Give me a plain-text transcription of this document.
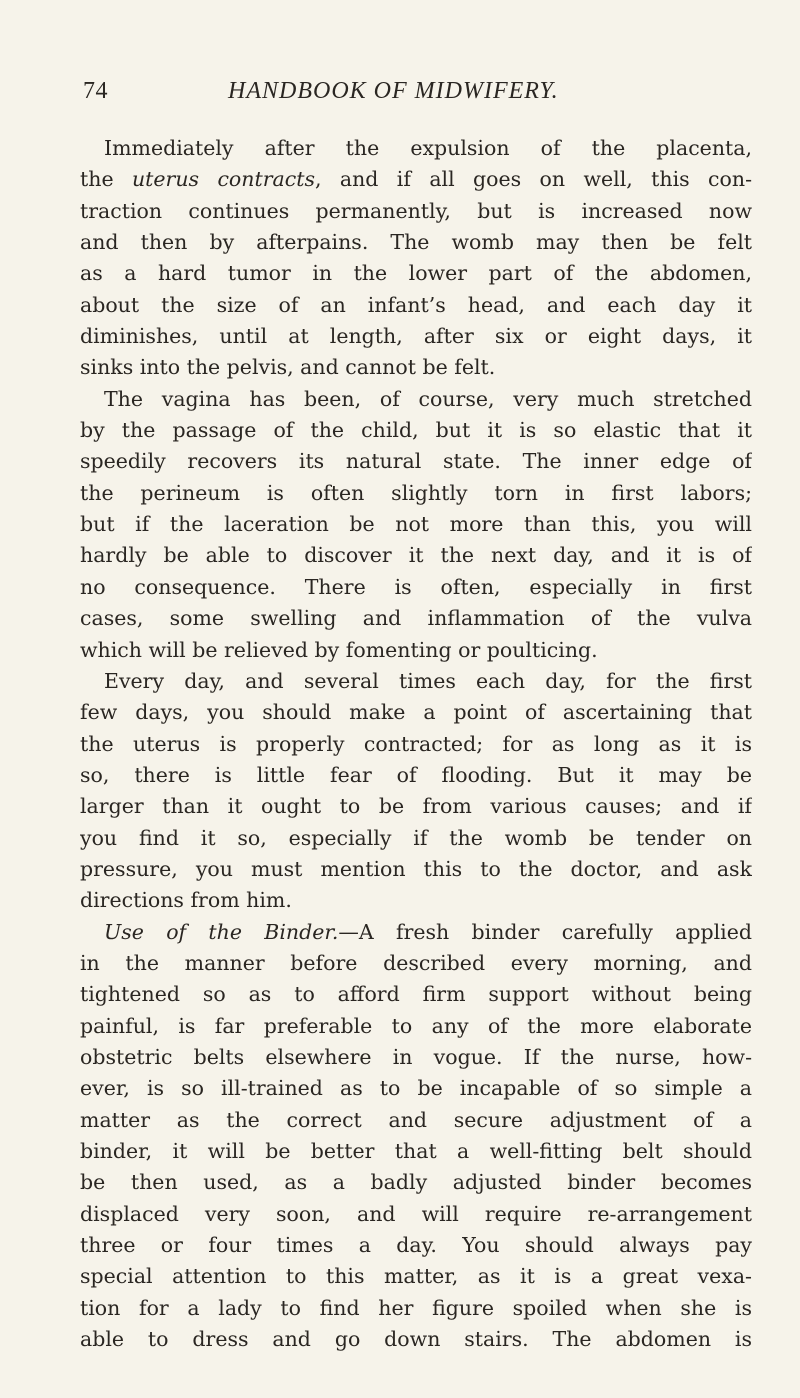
74	HANDBOOK OF MIDWIFERY.
Immediately after the expulsion of the placenta,
the uterus contracts, and if all goes on well, this con-
traction continues permanently, but is increased now
and then by afterpains. The womb may then be felt
as a hard tumor in the lower part of the abdomen,
about the size of an infant’s head, and each day it
diminishes, until at length, after six or eight days, it
sinks into the pelvis, and cannot be felt.
The vagina has been, of course, very much stretched
by the passage of the child, but it is so elastic that it
speedily recovers its natural state. The inner edge of
the perineum is often slightly torn in first labors;
but if the laceration be not more than this, you will
hardly be able to discover it the next day, and it is of
no consequence. There is often, especially in first
cases, some swelling and inflammation of the vulva
which will be relieved by fomenting or poulticing.
Every day, and several times each day, for the first
few days, you should make a point of ascertaining that
the uterus is properly contracted; for as long as it is
so, there is little fear of flooding. But it may be
larger than it ought to be from various causes; and if
you find it so, especially if the womb be tender on
pressure, you must mention this to the doctor, and ask
directions from him.
Use of the Binder.—A fresh binder carefully applied
in the manner before described every morning, and
tightened so as to afford firm support without being
painful, is far preferable to any of the more elaborate
obstetric belts elsewhere in vogue. If the nurse, how-
ever, is so ill-trained as to be incapable of so simple a
matter as the correct and secure adjustment of a
binder, it will be better that a well-fitting belt should
be then used, as a badly adjusted binder becomes
displaced very soon, and will require re-arrangement
three or four times a day. You should always pay
special attention to this matter, as it is a great vexa-
tion for a lady to find her figure spoiled when she is
able to dress and go down stairs. The abdomen is
